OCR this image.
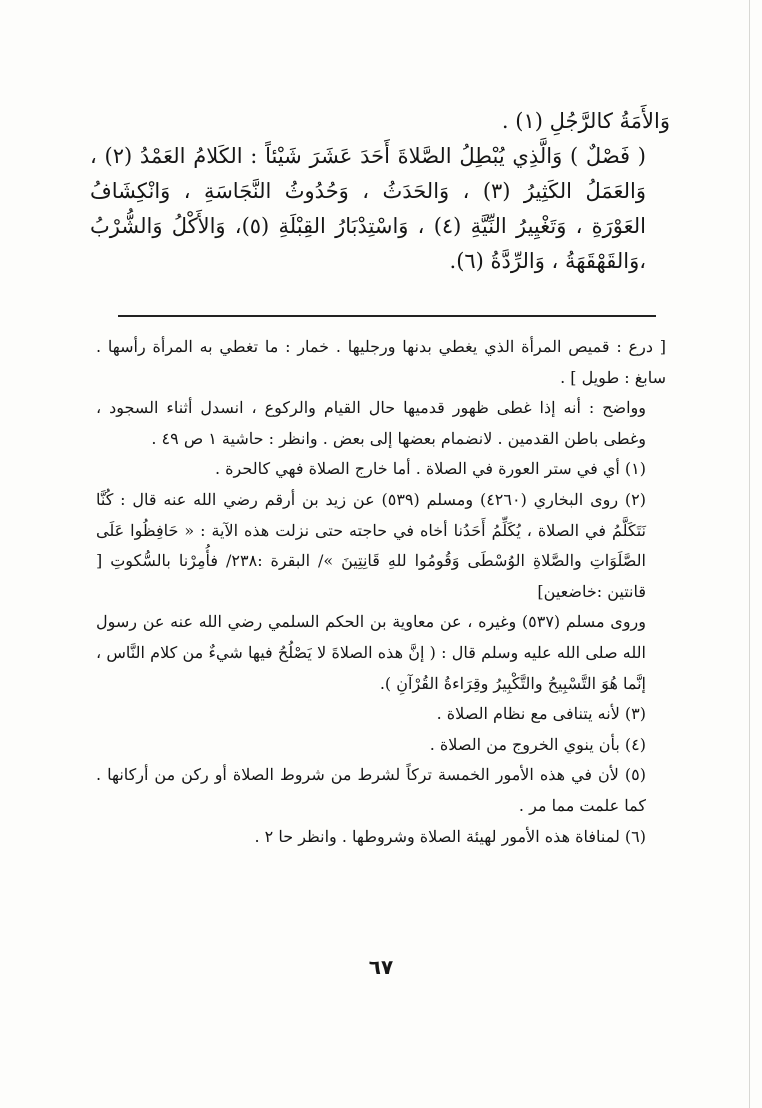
وَالأَمَةُ كالرَّجُلِ (١) .

( فَصْلٌ ) وَالَّذِي يُبْطِلُ الصَّلاةَ أَحَدَ عَشَرَ شَيْئاً : الكَلامُ العَمْدُ (٢) ، وَالعَمَلُ الكَثِيرُ (٣) ، وَالحَدَثُ ، وَحُدُوثُ النَّجَاسَةِ ، وَانْكِشَافُ العَوْرَةِ ، وَتَغْيِيرُ النِّيَّةِ (٤) ، وَاسْتِدْبَارُ القِبْلَةِ (٥)، وَالأَكْلُ وَالشُّرْبُ ،وَالقَهْقَهَةُ ، وَالرِّدَّةُ (٦).

[ درع : قميص المرأة الذي يغطي بدنها ورجليها . خمار : ما تغطي به المرأة رأسها . سابغ : طويل ] .

وواضح : أنه إذا غطى ظهور قدميها حال القيام والركوع ، انسدل أثناء السجود ، وغطى باطن القدمين . لانضمام بعضها إلى بعض . وانظر : حاشية ١ ص ٤٩ .

(١) أي في ستر العورة في الصلاة . أما خارج الصلاة فهي كالحرة .

(٢) روى البخاري (٤٢٦٠) ومسلم (٥٣٩) عن زيد بن أرقم رضي الله عنه قال : كُنَّا نَتَكَلَّمُ في الصلاة ، يُكَلِّمُ أَحَدُنا أخاه في حاجته حتى نزلت هذه الآية : « حَافِظُوا عَلَى الصَّلَوَاتِ والصَّلاةِ الوُسْطَى وَقُومُوا للهِ قَانِتِينَ »/ البقرة :٢٣٨/ فأُمِرْنا بالسُّكوتِ [ قانتين :خاضعين]

وروى مسلم (٥٣٧) وغيره ، عن معاوية بن الحكم السلمي رضي الله عنه عن رسول الله صلى الله عليه وسلم قال : ( إنَّ هذه الصلاةَ لا يَصْلُحُ فيها شيءٌ من كلام النَّاس ، إنَّما هُوَ التَّسْبِيحُ والتَّكْبِيرُ وقِرَاءةُ القُرْآنِ ).

(٣) لأنه يتنافى مع نظام الصلاة .

(٤) بأن ينوي الخروج من الصلاة .

(٥) لأن في هذه الأمور الخمسة تركاً لشرط من شروط الصلاة أو ركن من أركانها . كما علمت مما مر .

(٦) لمنافاة هذه الأمور لهيئة الصلاة وشروطها . وانظر حا ٢ .

٦٧
